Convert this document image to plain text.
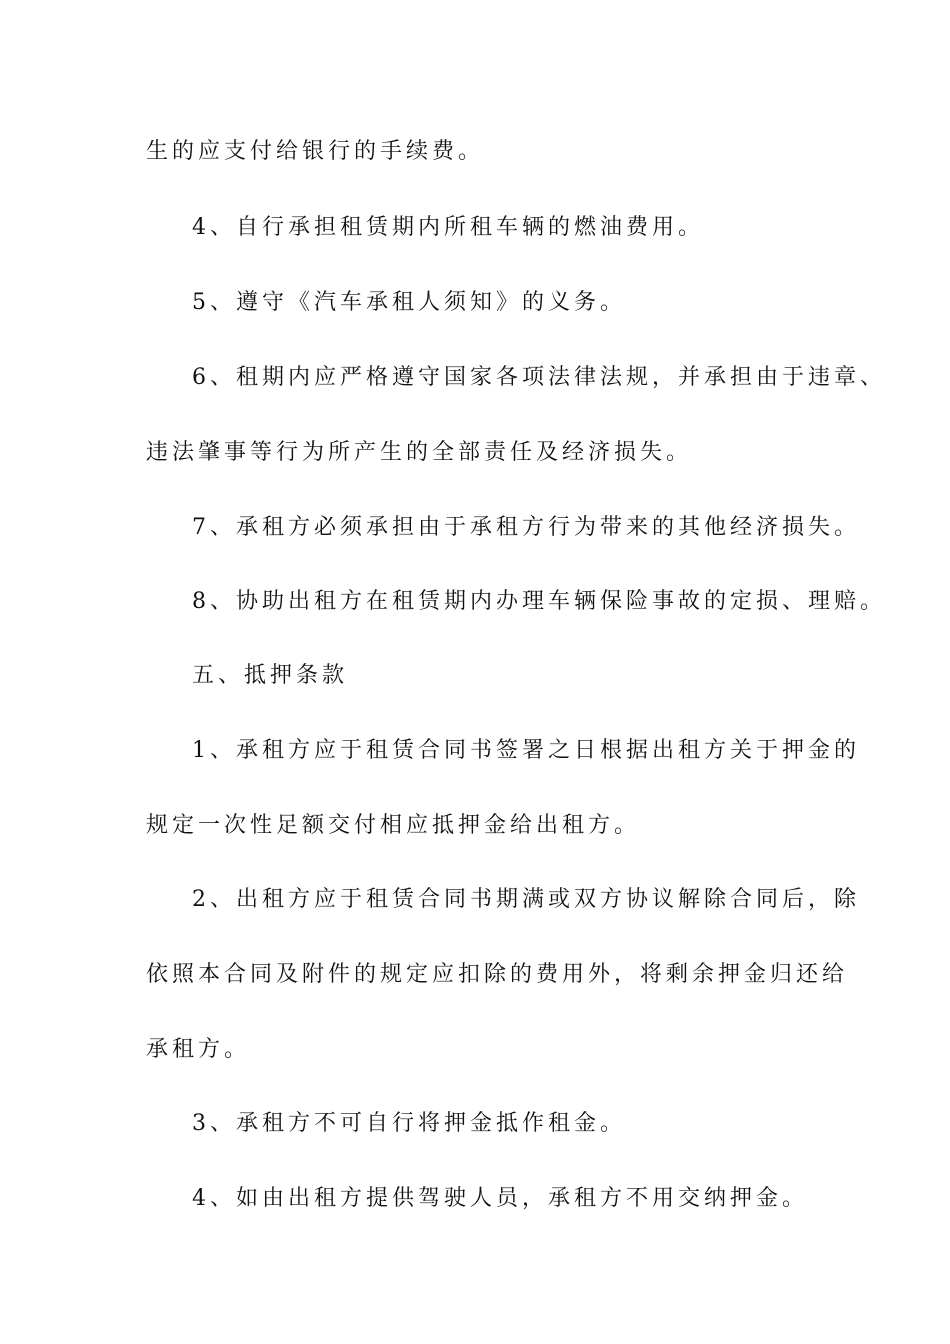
生的应支付给银行的手续费。
4、自行承担租赁期内所租车辆的燃油费用。
5、遵守《汽车承租人须知》的义务。
6、租期内应严格遵守国家各项法律法规，并承担由于违章、
违法肇事等行为所产生的全部责任及经济损失。
7、承租方必须承担由于承租方行为带来的其他经济损失。
8、协助出租方在租赁期内办理车辆保险事故的定损、理赔。
五、抵押条款
1、承租方应于租赁合同书签署之日根据出租方关于押金的
规定一次性足额交付相应抵押金给出租方。
2、出租方应于租赁合同书期满或双方协议解除合同后，除
依照本合同及附件的规定应扣除的费用外，将剩余押金归还给
承租方。
3、承租方不可自行将押金抵作租金。
4、如由出租方提供驾驶人员，承租方不用交纳押金。
